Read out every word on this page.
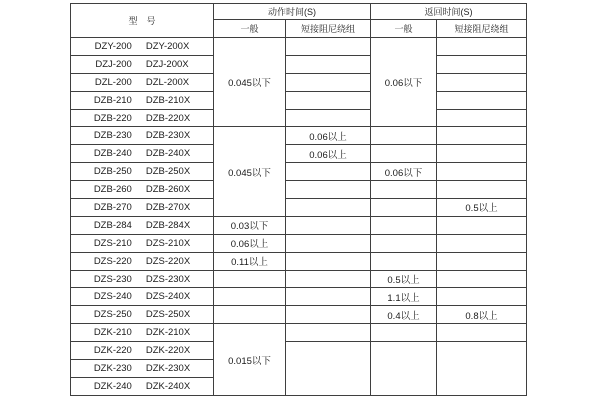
型　号	动作时间(S)		返回时间(S)	
	一般	短接阻尼绕组	一般	短接阻尼绕组

DZY-200 DZY-200X	0.045以下		0.06以下	

DZJ-200 DZJ-200X				

DZL-200 DZL-200X				

DZB-210 DZB-210X				

DZB-220 DZB-220X				

DZB-230 DZB-230X	0.045以下	0.06以上		

DZB-240 DZB-240X		0.06以上		

DZB-250 DZB-250X			0.06以下	

DZB-260 DZB-260X				

DZB-270 DZB-270X				0.5以上

DZB-284 DZB-284X	0.03以下			

DZS-210 DZS-210X	0.06以上			

DZS-220 DZS-220X	0.11以上			

DZS-230 DZS-230X			0.5以上	

DZS-240 DZS-240X			1.1以上	

DZS-250 DZS-250X			0.4以上	0.8以上

DZK-210 DZK-210X	0.015以下			

DZK-220 DZK-220X				

DZK-230 DZK-230X				

DZK-240 DZK-240X				
